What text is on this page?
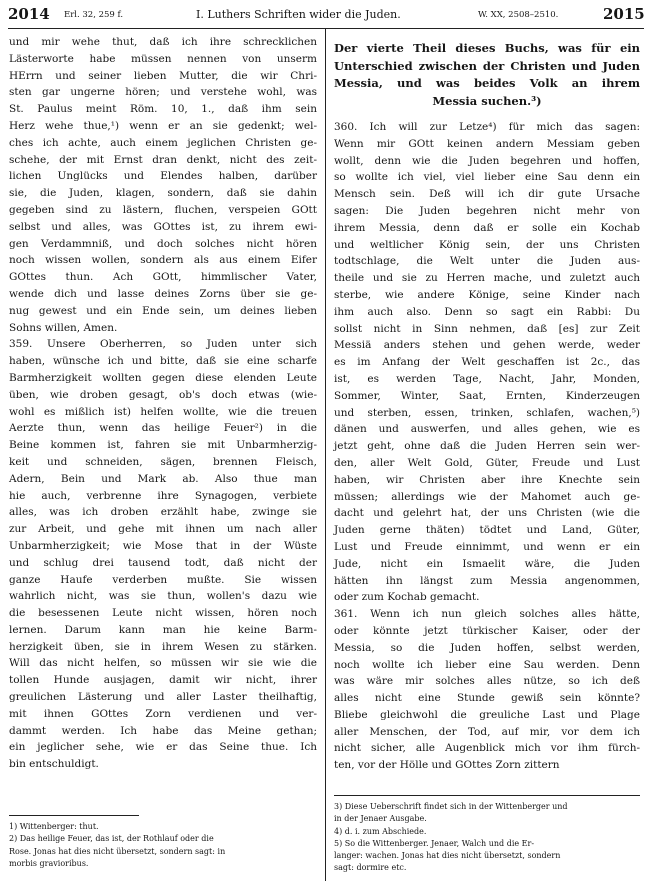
2014 Erl. 32, 259 f.	I. Luthers Schriften wider die Juden.	W. XX, 2508–2510.	2015

und mir wehe thut, daß ich ihre schrecklichen

Lästerworte habe müssen nennen von unserm

HErrn und seiner lieben Mutter, die wir Chri-

sten gar ungerne hören; und verstehe wohl, was

St. Paulus meint Röm. 10, 1., daß ihm sein

Herz wehe thue,¹) wenn er an sie gedenkt; wel-

ches ich achte, auch einem jeglichen Christen ge-

schehe, der mit Ernst dran denkt, nicht des zeit-

lichen Unglücks und Elendes halben, darüber

sie, die Juden, klagen, sondern, daß sie dahin

gegeben sind zu lästern, fluchen, verspeien GOtt

selbst und alles, was GOttes ist, zu ihrem ewi-

gen Verdammniß, und doch solches nicht hören

noch wissen wollen, sondern als aus einem Eifer

GOttes thun. Ach GOtt, himmlischer Vater,

wende dich und lasse deines Zorns über sie ge-

nug gewest und ein Ende sein, um deines lieben

Sohns willen, Amen.

359. Unsere Oberherren, so Juden unter sich

haben, wünsche ich und bitte, daß sie eine scharfe

Barmherzigkeit wollten gegen diese elenden Leute

üben, wie droben gesagt, ob's doch etwas (wie-

wohl es mißlich ist) helfen wollte, wie die treuen

Aerzte thun, wenn das heilige Feuer²) in die

Beine kommen ist, fahren sie mit Unbarmherzig-

keit und schneiden, sägen, brennen Fleisch,

Adern, Bein und Mark ab. Also thue man

hie auch, verbrenne ihre Synagogen, verbiete

alles, was ich droben erzählt habe, zwinge sie

zur Arbeit, und gehe mit ihnen um nach aller

Unbarmherzigkeit; wie Mose that in der Wüste

und schlug drei tausend todt, daß nicht der

ganze Haufe verderben mußte. Sie wissen

wahrlich nicht, was sie thun, wollen's dazu wie

die besessenen Leute nicht wissen, hören noch

lernen. Darum kann man hie keine Barm-

herzigkeit üben, sie in ihrem Wesen zu stärken.

Will das nicht helfen, so müssen wir sie wie die

tollen Hunde ausjagen, damit wir nicht, ihrer

greulichen Lästerung und aller Laster theilhaftig,

mit ihnen GOttes Zorn verdienen und ver-

dammt werden. Ich habe das Meine gethan;

ein jeglicher sehe, wie er das Seine thue. Ich

bin entschuldigt.

1) Wittenberger: thut.

2) Das heilige Feuer, das ist, der Rothlauf oder die

Rose. Jonas hat dies nicht übersetzt, sondern sagt: in

morbis gravioribus.

Der vierte Theil dieses Buchs, was für ein

Unterschied zwischen der Christen und Juden

Messia, und was beides Volk an ihrem

Messia suchen.³)

360. Ich will zur Letze⁴) für mich das sagen:

Wenn mir GOtt keinen andern Messiam geben

wollt, denn wie die Juden begehren und hoffen,

so wollte ich viel, viel lieber eine Sau denn ein

Mensch sein. Deß will ich dir gute Ursache

sagen: Die Juden begehren nicht mehr von

ihrem Messia, denn daß er solle ein Kochab

und weltlicher König sein, der uns Christen

todtschlage, die Welt unter die Juden aus-

theile und sie zu Herren mache, und zuletzt auch

sterbe, wie andere Könige, seine Kinder nach

ihm auch also. Denn so sagt ein Rabbi: Du

sollst nicht in Sinn nehmen, daß [es] zur Zeit

Messiä anders stehen und gehen werde, weder

es im Anfang der Welt geschaffen ist 2c., das

ist, es werden Tage, Nacht, Jahr, Monden,

Sommer, Winter, Saat, Ernten, Kinderzeugen

und sterben, essen, trinken, schlafen, wachen,⁵)

dänen und auswerfen, und alles gehen, wie es

jetzt geht, ohne daß die Juden Herren sein wer-

den, aller Welt Gold, Güter, Freude und Lust

haben, wir Christen aber ihre Knechte sein

müssen; allerdings wie der Mahomet auch ge-

dacht und gelehrt hat, der uns Christen (wie die

Juden gerne thäten) tödtet und Land, Güter,

Lust und Freude einnimmt, und wenn er ein

Jude, nicht ein Ismaelit wäre, die Juden

hätten ihn längst zum Messia angenommen,

oder zum Kochab gemacht.

361. Wenn ich nun gleich solches alles hätte,

oder könnte jetzt türkischer Kaiser, oder der

Messia, so die Juden hoffen, selbst werden,

noch wollte ich lieber eine Sau werden. Denn

was wäre mir solches alles nütze, so ich deß

alles nicht eine Stunde gewiß sein könnte?

Bliebe gleichwohl die greuliche Last und Plage

aller Menschen, der Tod, auf mir, vor dem ich

nicht sicher, alle Augenblick mich vor ihm fürch-

ten, vor der Hölle und GOttes Zorn zittern

3) Diese Ueberschrift findet sich in der Wittenberger und

in der Jenaer Ausgabe.

4) d. i. zum Abschiede.

5) So die Wittenberger. Jenaer, Walch und die Er-

langer: wachen. Jonas hat dies nicht übersetzt, sondern

sagt: dormire etc.
